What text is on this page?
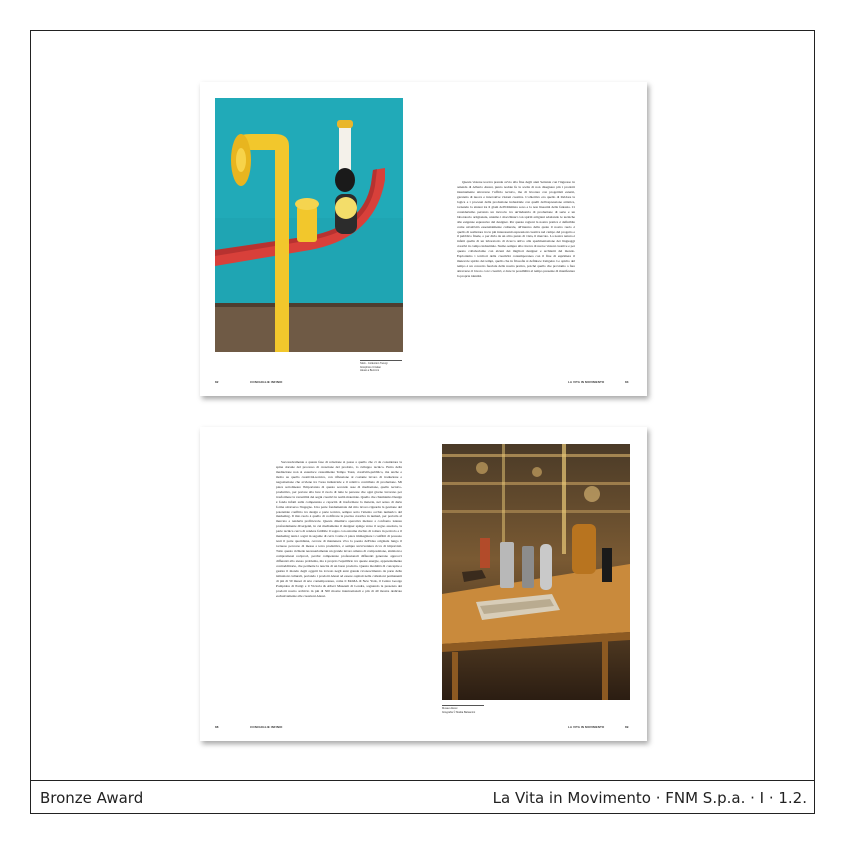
Stick - Collection Twergi
foto/photo Cristian
Alessi a Buzzoni

Questa visione teorica prende avvio alla fine degli anni Settanta con l'ingresso in azienda di Alberto Alessi, punto nodale fu la scelta di non disegnare più i prodotti internamente attraverso l'ufficio tecnico, ma di lavorare con progettisti esterni, garanzia di nuove e innovative visioni creative. L'obiettivo era quello di ibridare la logica e i processi della produzione industriale con quelli dell'espressione artistica, tornando la sintesi tra il glam dell'Ottimista sono e la non linearità della fantasia. Ci consideriamo pertanto un incrocio tra un'industria di produzione di serie e un laboratorio artigianale, uniamo i macchinari con spiriti artigiani adattando le tecniche alle esigenze espressive del designer. Per queste ragioni la nostra pratica è definibile come un'attività essenzialmente culturale, all'interno della quale il nostro ruolo è quello di realizzare tra le più interessanti espressioni creative nel campo del progetto e il pubblico finale, o per dirla da un altro punto di vista, il mercato. La nostra natura è infatti quella di un laboratorio di ricerca attivo alla sperimentazione dei linguaggi creativi in campo industriale. Siamo sempre alla ricerca di nuove visioni creative e per questo collaboriamo con alcuni dei migliori designer e architetti del mondo. Esploriamo i territori della creatività contemporanea con il fine di esprimere il mutevole spirito dei tempi, quello che in filosofia si definisce Zeitgeist. Lo spirito del tempo è un concetto fuoriale della nostra pratica, poiché quello che proviamo a fare attraverso il lavoro con i creativi, è dare la possibilità al tempo presente di manifestare la propria identità.

82	CONCHIGLIE INFINIO	LA VITA IN MOVIMENTO	83

Successivamente a questa fase di relazione si passa a quello che ci da considerare la spina dorsale del processo di creazione del prodotto, lo sviluppo tecnico. Entra della mediazione non si esaurisce casualmente Tempo Tassi, creatività-pubblico, ma anche e molto su quello creatività-tecnica, con riflessione al costante lavoro di traduzione e negoziazione che avviene tra l'area industriale e il relativo contributo di produzione. Mi piace sottolineare l'importanza di questo secondo asse di mediazione, quello tecnico-produttivo, per portare alla luce il ruolo di tutte le persone che ogni giorno lavorano per trasformare la versatilità dei segni creativi in realtà materiale. Quello che chiamiamo Design è fonda infatti sulla competenza e capacità di trasformare la materia, nel senso di darle forma attraverso l'ingegno. Una parte fondamentale del mio lavoro riguarda la gestione del potenziale conflitto tra design e parte tecnica, sempre sotto l'attento occhio numerico del marketing. Il mio ruolo è quello di codificare la precisa creativa in numeri, per portarla al mercato e renderla profittevole. Questa dinamica operativa mettere a confronto istanze profondamente divergenti, in cui mediamente il designer spinge verso il sogno assoluto, la parte tecnica cerca di rendere fattibile il sogno con estreme rischio di rottura in pericolo e il marketing tenta i sogni in sagome di certi. Come ci piace immaginare i conflitti di possono testi il parte quotidiana, cercare di mantenere viva la poesia dell'idea originale lungo il tortuoso percorso di messa a terra produttiva, è sempre un'avventura ricca di imprevisti. Tutto questo richiede necessariamente un grande lavoro umano di composizione, sinizioni e compromessi reciproci, perché competenze professionali differenti generano approcci differenti allo stesso problema, ma è proprio l'equilibrio tra queste energie, apparentemente contraddittorie, che permette la nascita di un buon prodotto. Questa modalità di concepire e gestire il mondo degli oggetti ha trovato negli anni grande riconoscimento da parte delle istituzioni culturali, portando i prodotti Alessi ad essere ospitati nelle collezioni permanenti di più di 50 musei di arte contemporanea, come il MoMA di New York, il Centre George Pompidou di Parigi e il Victoria & Albert Museum di Londra, sognando la presenza dei prodotti nostro archivio in più di 500 mostre internazionali e più di 40 mostre dedicate esclusivamente alle creazioni Alessi.

Museo Alessi
fotografia © Mattia Balsamini
88	CONCHIGLIE INFINIO	LA VITA IN MOVIMENTO	89
Bronze Award	La Vita in Movimento · FNM S.p.a. · I · 1.2.
